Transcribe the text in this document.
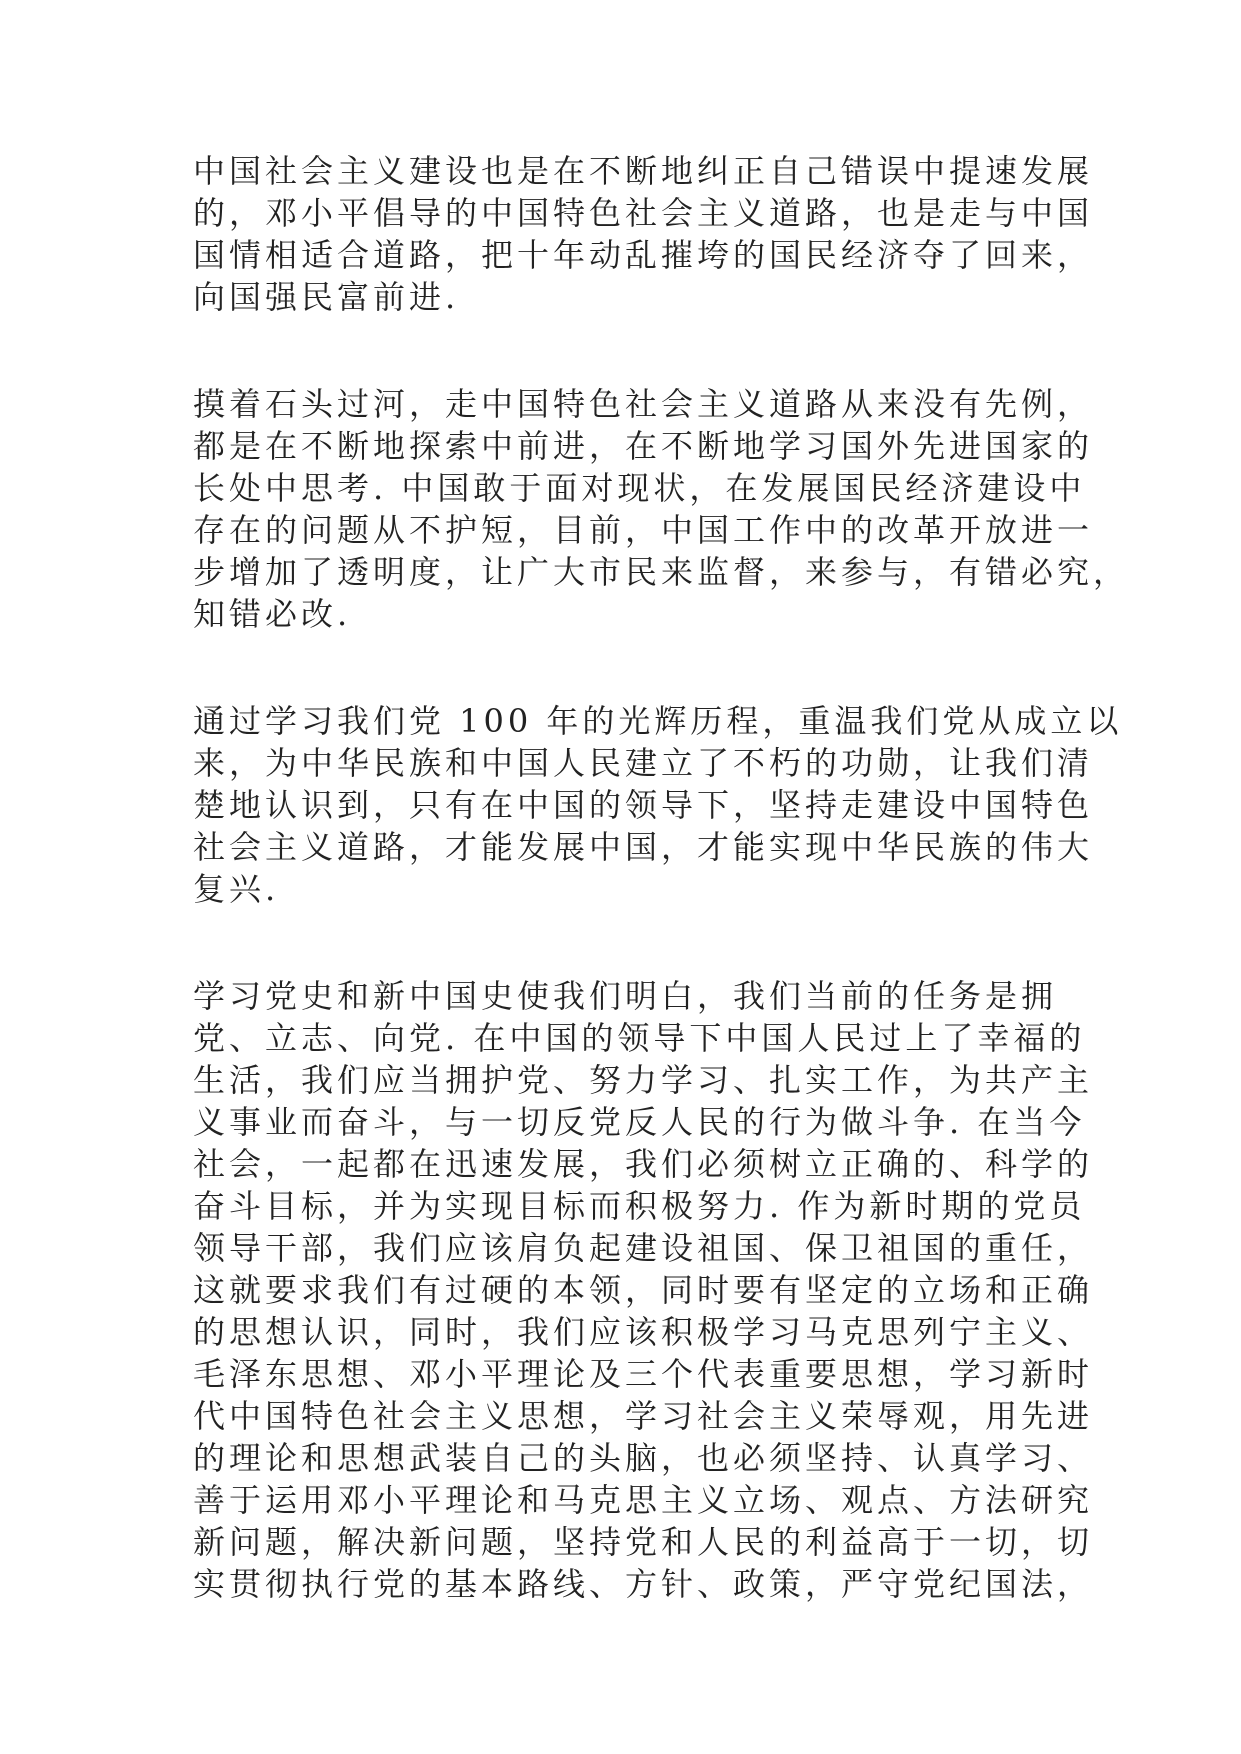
中国社会主义建设也是在不断地纠正自己错误中提速发展
的，邓小平倡导的中国特色社会主义道路，也是走与中国
国情相适合道路，把十年动乱摧垮的国民经济夺了回来，
向国强民富前进.
摸着石头过河，走中国特色社会主义道路从来没有先例，
都是在不断地探索中前进，在不断地学习国外先进国家的
长处中思考. 中国敢于面对现状，在发展国民经济建设中
存在的问题从不护短，目前，中国工作中的改革开放进一
步增加了透明度，让广大市民来监督，来参与，有错必究，
知错必改.
通过学习我们党 100 年的光辉历程，重温我们党从成立以
来，为中华民族和中国人民建立了不朽的功勋，让我们清
楚地认识到，只有在中国的领导下，坚持走建设中国特色
社会主义道路，才能发展中国，才能实现中华民族的伟大
复兴.
学习党史和新中国史使我们明白，我们当前的任务是拥
党、立志、向党. 在中国的领导下中国人民过上了幸福的
生活，我们应当拥护党、努力学习、扎实工作，为共产主
义事业而奋斗，与一切反党反人民的行为做斗争. 在当今
社会，一起都在迅速发展，我们必须树立正确的、科学的
奋斗目标，并为实现目标而积极努力. 作为新时期的党员
领导干部，我们应该肩负起建设祖国、保卫祖国的重任，
这就要求我们有过硬的本领，同时要有坚定的立场和正确
的思想认识，同时，我们应该积极学习马克思列宁主义、
毛泽东思想、邓小平理论及三个代表重要思想，学习新时
代中国特色社会主义思想，学习社会主义荣辱观，用先进
的理论和思想武装自己的头脑，也必须坚持、认真学习、
善于运用邓小平理论和马克思主义立场、观点、方法研究
新问题，解决新问题，坚持党和人民的利益高于一切，切
实贯彻执行党的基本路线、方针、政策，严守党纪国法，
